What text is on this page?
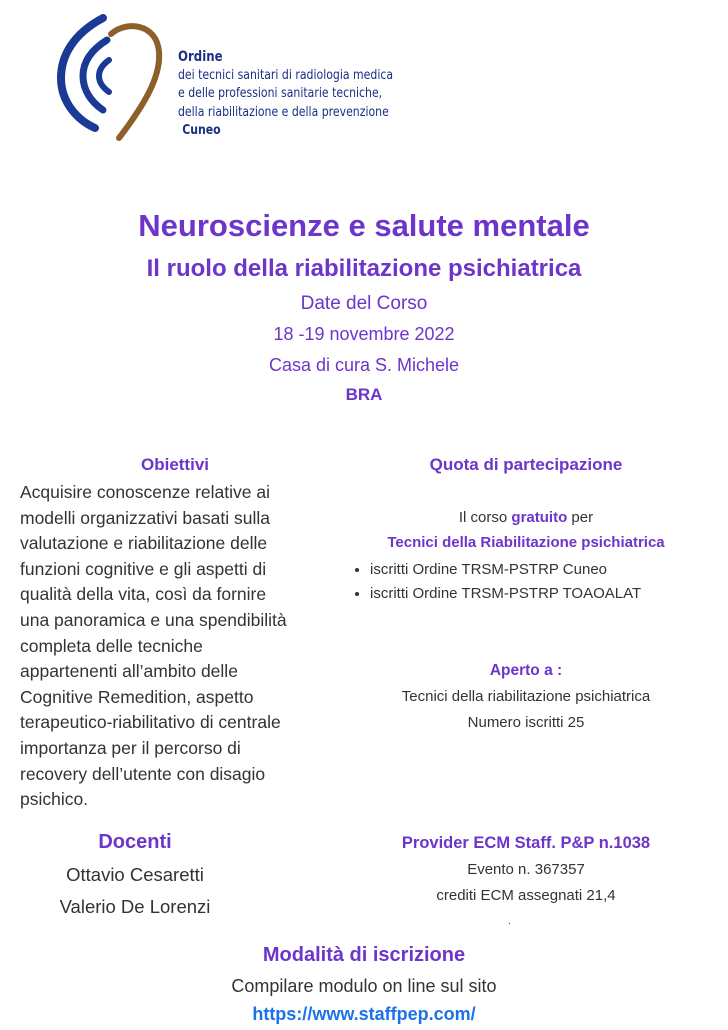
Ordine
dei tecnici sanitari di radiologia medica
e delle professioni sanitarie tecniche,
della riabilitazione e della prevenzione
Cuneo
Neuroscienze e salute mentale
Il ruolo della riabilitazione psichiatrica
Date del Corso
18 -19 novembre 2022
Casa di cura S. Michele
BRA
Obiettivi
Acquisire conoscenze relative ai
modelli organizzativi basati sulla
valutazione e riabilitazione delle
funzioni cognitive e gli aspetti di
qualità della vita, così da fornire
una panoramica e una spendibilità
completa delle tecniche
appartenenti all’ambito delle
Cognitive Remedition, aspetto
terapeutico-riabilitativo di centrale
importanza per il percorso di
recovery dell’utente con disagio
psichico.
Quota di partecipazione
Il corso gratuito per
Tecnici della Riabilitazione psichiatrica
• iscritti Ordine TRSM-PSTRP Cuneo
• iscritti Ordine TRSM-PSTRP TOAOALAT
Aperto a :
Tecnici della riabilitazione psichiatrica
Numero iscritti 25
Docenti
Ottavio Cesaretti
Valerio De Lorenzi
Provider ECM Staff. P&P n.1038
Evento n. 367357
crediti ECM assegnati 21,4
.
Modalità di iscrizione
Compilare modulo on line sul sito
https://www.staffpep.com/
